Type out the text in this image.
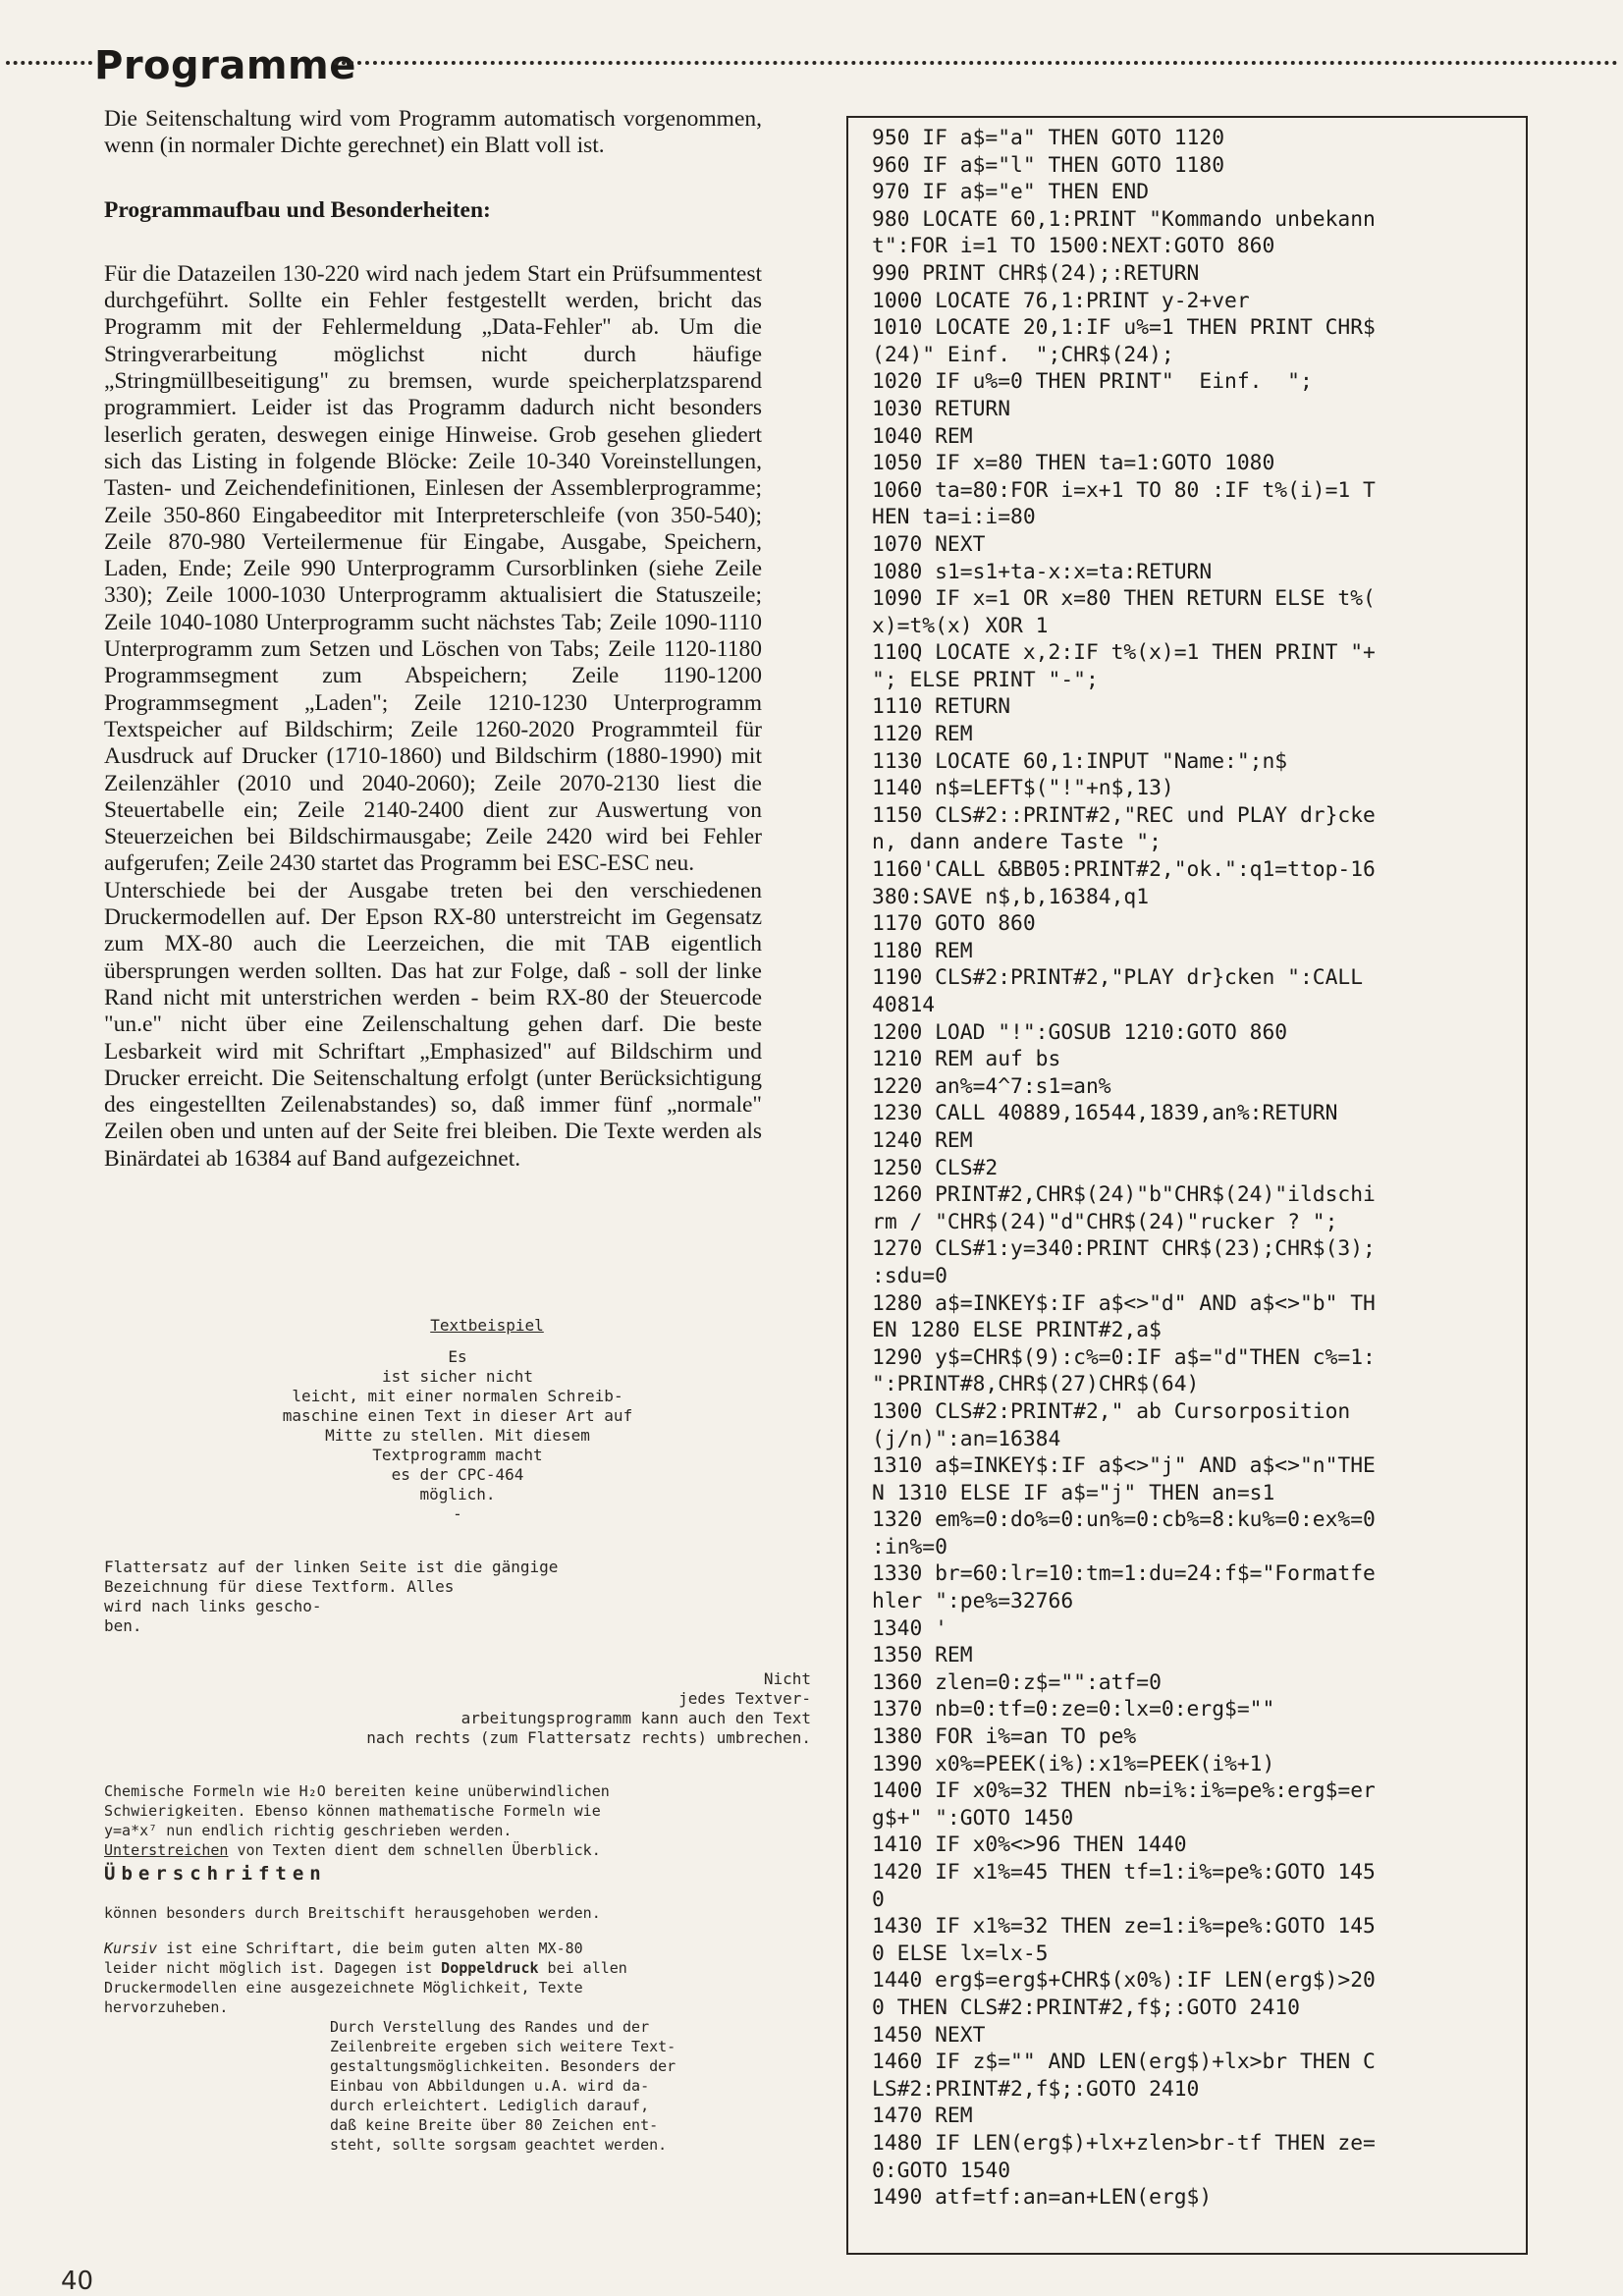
Programme

Die Seitenschaltung wird vom Programm automatisch vorgenommen, wenn (in normaler Dichte gerechnet) ein Blatt voll ist.

Programmaufbau und Besonderheiten:

Für die Datazeilen 130-220 wird nach jedem Start ein Prüfsummentest durchgeführt. Sollte ein Fehler festgestellt werden, bricht das Programm mit der Fehlermeldung „Data-Fehler" ab. Um die Stringverarbeitung möglichst nicht durch häufige „Stringmüllbeseitigung" zu bremsen, wurde speicherplatzsparend programmiert. Leider ist das Programm dadurch nicht besonders leserlich geraten, deswegen einige Hinweise. Grob gesehen gliedert sich das Listing in folgende Blöcke: Zeile 10-340 Voreinstellungen, Tasten- und Zeichendefinitionen, Einlesen der Assemblerprogramme; Zeile 350-860 Eingabeeditor mit Interpreterschleife (von 350-540); Zeile 870-980 Verteilermenue für Eingabe, Ausgabe, Speichern, Laden, Ende; Zeile 990 Unterprogramm Cursorblinken (siehe Zeile 330); Zeile 1000-1030 Unterprogramm aktualisiert die Statuszeile; Zeile 1040-1080 Unterprogramm sucht nächstes Tab; Zeile 1090-1110 Unterprogramm zum Setzen und Löschen von Tabs; Zeile 1120-1180 Programmsegment zum Abspeichern; Zeile 1190-1200 Programmsegment „Laden"; Zeile 1210-1230 Unterprogramm Textspeicher auf Bildschirm; Zeile 1260-2020 Programmteil für Ausdruck auf Drucker (1710-1860) und Bildschirm (1880-1990) mit Zeilenzähler (2010 und 2040-2060); Zeile 2070-2130 liest die Steuertabelle ein; Zeile 2140-2400 dient zur Auswertung von Steuerzeichen bei Bildschirmausgabe; Zeile 2420 wird bei Fehler aufgerufen; Zeile 2430 startet das Programm bei ESC-ESC neu.

Unterschiede bei der Ausgabe treten bei den verschiedenen Druckermodellen auf. Der Epson RX-80 unterstreicht im Gegensatz zum MX-80 auch die Leerzeichen, die mit TAB eigentlich übersprungen werden sollten. Das hat zur Folge, daß - soll der linke Rand nicht mit unterstrichen werden - beim RX-80 der Steuercode "un.e" nicht über eine Zeilenschaltung gehen darf. Die beste Lesbarkeit wird mit Schriftart „Emphasized" auf Bildschirm und Drucker erreicht. Die Seitenschaltung erfolgt (unter Berücksichtigung des eingestellten Zeilenabstandes) so, daß immer fünf „normale" Zeilen oben und unten auf der Seite frei bleiben. Die Texte werden als Binärdatei ab 16384 auf Band aufgezeichnet.

Textbeispiel
Es
ist sicher nicht
leicht, mit einer normalen Schreib-
maschine einen Text in dieser Art auf
Mitte zu stellen. Mit diesem
Textprogramm macht
es der CPC-464
möglich.
-
Flattersatz auf der linken Seite ist die gängige
Bezeichnung für diese Textform. Alles
wird nach links gescho-
ben.
Nicht
jedes Textver-
arbeitungsprogramm kann auch den Text
nach rechts (zum Flattersatz rechts) umbrechen.
Chemische Formeln wie H₂O bereiten keine unüberwindlichen
Schwierigkeiten. Ebenso können mathematische Formeln wie
y=a*x⁷ nun endlich richtig geschrieben werden.
Unterstreichen von Texten dient dem schnellen Überblick.
Überschriften
können besonders durch Breitschift herausgehoben werden.
Kursiv ist eine Schriftart, die beim guten alten MX-80
leider nicht möglich ist. Dagegen ist Doppeldruck bei allen
Druckermodellen eine ausgezeichnete Möglichkeit, Texte
hervorzuheben.
Durch Verstellung des Randes und der
Zeilenbreite ergeben sich weitere Text-
gestaltungsmöglichkeiten. Besonders der
Einbau von Abbildungen u.A. wird da-
durch erleichtert. Lediglich darauf,
daß keine Breite über 80 Zeichen ent-
steht, sollte sorgsam geachtet werden.
950 IF a$="a" THEN GOTO 1120
960 IF a$="l" THEN GOTO 1180
970 IF a$="e" THEN END
980 LOCATE 60,1:PRINT "Kommando unbekann
t":FOR i=1 TO 1500:NEXT:GOTO 860
990 PRINT CHR$(24);:RETURN
1000 LOCATE 76,1:PRINT y-2+ver
1010 LOCATE 20,1:IF u%=1 THEN PRINT CHR$
(24)" Einf.  ";CHR$(24);
1020 IF u%=0 THEN PRINT"  Einf.  ";
1030 RETURN
1040 REM
1050 IF x=80 THEN ta=1:GOTO 1080
1060 ta=80:FOR i=x+1 TO 80 :IF t%(i)=1 T
HEN ta=i:i=80
1070 NEXT
1080 s1=s1+ta-x:x=ta:RETURN
1090 IF x=1 OR x=80 THEN RETURN ELSE t%(
x)=t%(x) XOR 1
110Q LOCATE x,2:IF t%(x)=1 THEN PRINT "+
"; ELSE PRINT "-";
1110 RETURN
1120 REM
1130 LOCATE 60,1:INPUT "Name:";n$
1140 n$=LEFT$("!"+n$,13)
1150 CLS#2::PRINT#2,"REC und PLAY dr}cke
n, dann andere Taste ";
1160'CALL &BB05:PRINT#2,"ok.":q1=ttop-16
380:SAVE n$,b,16384,q1
1170 GOTO 860
1180 REM
1190 CLS#2:PRINT#2,"PLAY dr}cken ":CALL
40814
1200 LOAD "!":GOSUB 1210:GOTO 860
1210 REM auf bs
1220 an%=4^7:s1=an%
1230 CALL 40889,16544,1839,an%:RETURN
1240 REM
1250 CLS#2
1260 PRINT#2,CHR$(24)"b"CHR$(24)"ildschi
rm / "CHR$(24)"d"CHR$(24)"rucker ? ";
1270 CLS#1:y=340:PRINT CHR$(23);CHR$(3);
:sdu=0
1280 a$=INKEY$:IF a$<>"d" AND a$<>"b" TH
EN 1280 ELSE PRINT#2,a$
1290 y$=CHR$(9):c%=0:IF a$="d"THEN c%=1:
":PRINT#8,CHR$(27)CHR$(64)
1300 CLS#2:PRINT#2," ab Cursorposition
(j/n)":an=16384
1310 a$=INKEY$:IF a$<>"j" AND a$<>"n"THE
N 1310 ELSE IF a$="j" THEN an=s1
1320 em%=0:do%=0:un%=0:cb%=8:ku%=0:ex%=0
:in%=0
1330 br=60:lr=10:tm=1:du=24:f$="Formatfe
hler ":pe%=32766
1340 '
1350 REM
1360 zlen=0:z$="":atf=0
1370 nb=0:tf=0:ze=0:lx=0:erg$=""
1380 FOR i%=an TO pe%
1390 x0%=PEEK(i%):x1%=PEEK(i%+1)
1400 IF x0%=32 THEN nb=i%:i%=pe%:erg$=er
g$+" ":GOTO 1450
1410 IF x0%<>96 THEN 1440
1420 IF x1%=45 THEN tf=1:i%=pe%:GOTO 145
0
1430 IF x1%=32 THEN ze=1:i%=pe%:GOTO 145
0 ELSE lx=lx-5
1440 erg$=erg$+CHR$(x0%):IF LEN(erg$)>20
0 THEN CLS#2:PRINT#2,f$;:GOTO 2410
1450 NEXT
1460 IF z$="" AND LEN(erg$)+lx>br THEN C
LS#2:PRINT#2,f$;:GOTO 2410
1470 REM
1480 IF LEN(erg$)+lx+zlen>br-tf THEN ze=
0:GOTO 1540
1490 atf=tf:an=an+LEN(erg$)
40
